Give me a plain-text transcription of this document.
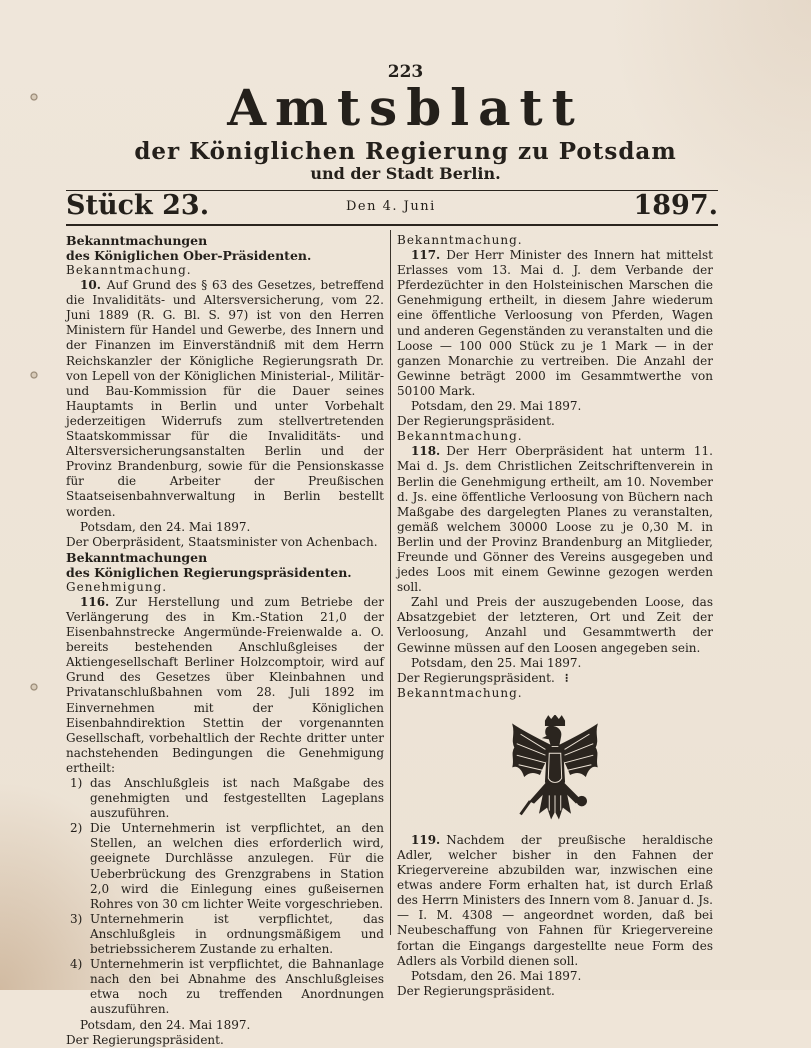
223
Amtsblatt
der Königlichen Regierung zu Potsdam
und der Stadt Berlin.
Stück 23.	Den 4. Juni	1897.

Bekanntmachungen

des Königlichen Ober-Präsidenten.

Bekanntmachung.

10. Auf Grund des § 63 des Gesetzes, betreffend die Invaliditäts- und Altersversicherung, vom 22. Juni 1889 (R. G. Bl. S. 97) ist von den Herren Ministern für Handel und Gewerbe, des Innern und der Finanzen im Einverständniß mit dem Herrn Reichskanzler der Königliche Regierungsrath Dr. von Lepell von der Königlichen Ministerial-, Militär- und Bau-Kommission für die Dauer seines Hauptamts in Berlin und unter Vorbehalt jederzeitigen Widerrufs zum stellvertretenden Staatskommissar für die Invaliditäts- und Altersversicherungsanstalten Berlin und der Provinz Brandenburg, sowie für die Pensionskasse für die Arbeiter der Preußischen Staatseisenbahnverwaltung in Berlin bestellt worden.

Potsdam, den 24. Mai 1897.

Der Oberpräsident, Staatsminister von Achenbach.

Bekanntmachungen

des Königlichen Regierungspräsidenten.

Genehmigung.

116. Zur Herstellung und zum Betriebe der Verlängerung des in Km.-Station 21,0 der Eisenbahnstrecke Angermünde-Freienwalde a. O. bereits bestehenden Anschlußgleises der Aktiengesellschaft Berliner Holzcomptoir, wird auf Grund des Gesetzes über Kleinbahnen und Privatanschlußbahnen vom 28. Juli 1892 im Einvernehmen mit der Königlichen Eisenbahndirektion Stettin der vorgenannten Gesellschaft, vorbehaltlich der Rechte dritter unter nachstehenden Bedingungen die Genehmigung ertheilt:

1) das Anschlußgleis ist nach Maßgabe des genehmigten und festgestellten Lageplans auszuführen.

2) Die Unternehmerin ist verpflichtet, an den Stellen, an welchen dies erforderlich wird, geeignete Durchlässe anzulegen. Für die Ueberbrückung des Grenzgrabens in Station 2,0 wird die Einlegung eines gußeisernen Rohres von 30 cm lichter Weite vorgeschrieben.

3) Unternehmerin ist verpflichtet, das Anschlußgleis in ordnungsmäßigem und betriebssicherem Zustande zu erhalten.

4) Unternehmerin ist verpflichtet, die Bahnanlage nach den bei Abnahme des Anschlußgleises etwa noch zu treffenden Anordnungen auszuführen.

Potsdam, den 24. Mai 1897.

Der Regierungspräsident.

Bekanntmachung.

117. Der Herr Minister des Innern hat mittelst Erlasses vom 13. Mai d. J. dem Verbande der Pferdezüchter in den Holsteinischen Marschen die Genehmigung ertheilt, in diesem Jahre wiederum eine öffentliche Verloosung von Pferden, Wagen und anderen Gegenständen zu veranstalten und die Loose — 100 000 Stück zu je 1 Mark — in der ganzen Monarchie zu vertreiben. Die Anzahl der Gewinne beträgt 2000 im Gesammtwerthe von 50100 Mark.

Potsdam, den 29. Mai 1897.

Der Regierungspräsident.

Bekanntmachung.

118. Der Herr Oberpräsident hat unterm 11. Mai d. Js. dem Christlichen Zeitschriftenverein in Berlin die Genehmigung ertheilt, am 10. November d. Js. eine öffentliche Verloosung von Büchern nach Maßgabe des dargelegten Planes zu veranstalten, gemäß welchem 30000 Loose zu je 0,30 M. in Berlin und der Provinz Brandenburg an Mitglieder, Freunde und Gönner des Vereins ausgegeben und jedes Loos mit einem Gewinne gezogen werden soll.

Zahl und Preis der auszugebenden Loose, das Absatzgebiet der letzteren, Ort und Zeit der Verloosung, Anzahl und Gesammtwerth der Gewinne müssen auf den Loosen angegeben sein.

Potsdam, den 25. Mai 1897.

Der Regierungspräsident. ⁝

Bekanntmachung.

119. Nachdem der preußische heraldische Adler, welcher bisher in den Fahnen der Kriegervereine abzubilden war, inzwischen eine etwas andere Form erhalten hat, ist durch Erlaß des Herrn Ministers des Innern vom 8. Januar d. Js. — I. M. 4308 — angeordnet worden, daß bei Neubeschaffung von Fahnen für Kriegervereine fortan die Eingangs dargestellte neue Form des Adlers als Vorbild dienen soll.

Potsdam, den 26. Mai 1897.

Der Regierungspräsident.
